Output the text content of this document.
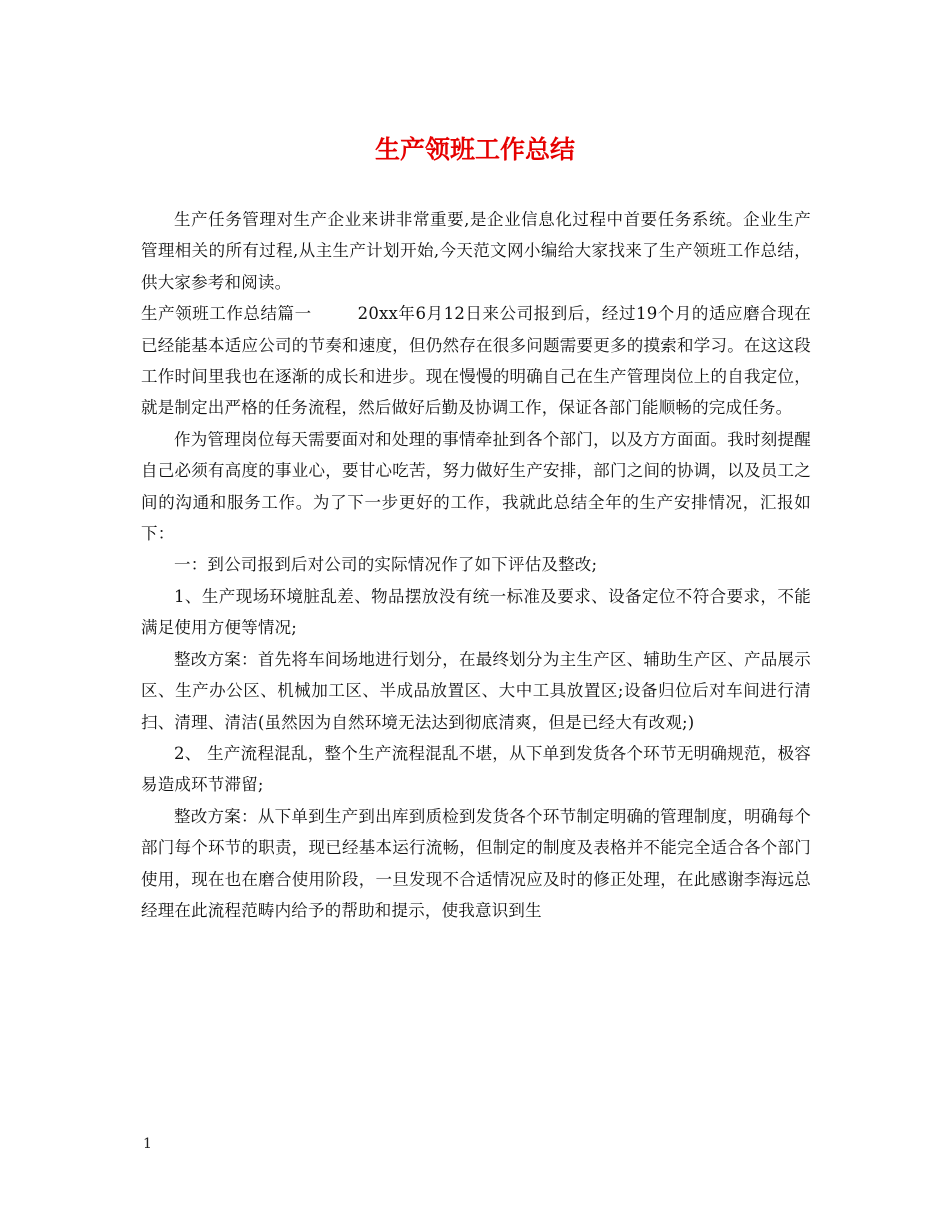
生产领班工作总结

生产任务管理对生产企业来讲非常重要,是企业信息化过程中首要任务系统。企业生产管理相关的所有过程,从主生产计划开始,今天范文网小编给大家找来了生产领班工作总结，供大家参考和阅读。

生产领班工作总结篇一	20xx年6月12日来公司报到后，经过19个月的适应磨合现在已经能基本适应公司的节奏和速度，但仍然存在很多问题需要更多的摸索和学习。在这这段工作时间里我也在逐渐的成长和进步。现在慢慢的明确自己在生产管理岗位上的自我定位，就是制定出严格的任务流程，然后做好后勤及协调工作，保证各部门能顺畅的完成任务。

作为管理岗位每天需要面对和处理的事情牵扯到各个部门，以及方方面面。我时刻提醒自己必须有高度的事业心，要甘心吃苦，努力做好生产安排，部门之间的协调，以及员工之间的沟通和服务工作。为了下一步更好的工作，我就此总结全年的生产安排情况，汇报如下：

一：到公司报到后对公司的实际情况作了如下评估及整改;

1、生产现场环境脏乱差、物品摆放没有统一标准及要求、设备定位不符合要求，不能满足使用方便等情况;

整改方案：首先将车间场地进行划分，在最终划分为主生产区、辅助生产区、产品展示区、生产办公区、机械加工区、半成品放置区、大中工具放置区;设备归位后对车间进行清扫、清理、清洁(虽然因为自然环境无法达到彻底清爽，但是已经大有改观;)

2、 生产流程混乱，整个生产流程混乱不堪，从下单到发货各个环节无明确规范，极容易造成环节滞留;

整改方案：从下单到生产到出库到质检到发货各个环节制定明确的管理制度，明确每个部门每个环节的职责，现已经基本运行流畅，但制定的制度及表格并不能完全适合各个部门使用，现在也在磨合使用阶段，一旦发现不合适情况应及时的修正处理，在此感谢李海远总经理在此流程范畴内给予的帮助和提示，使我意识到生

1
